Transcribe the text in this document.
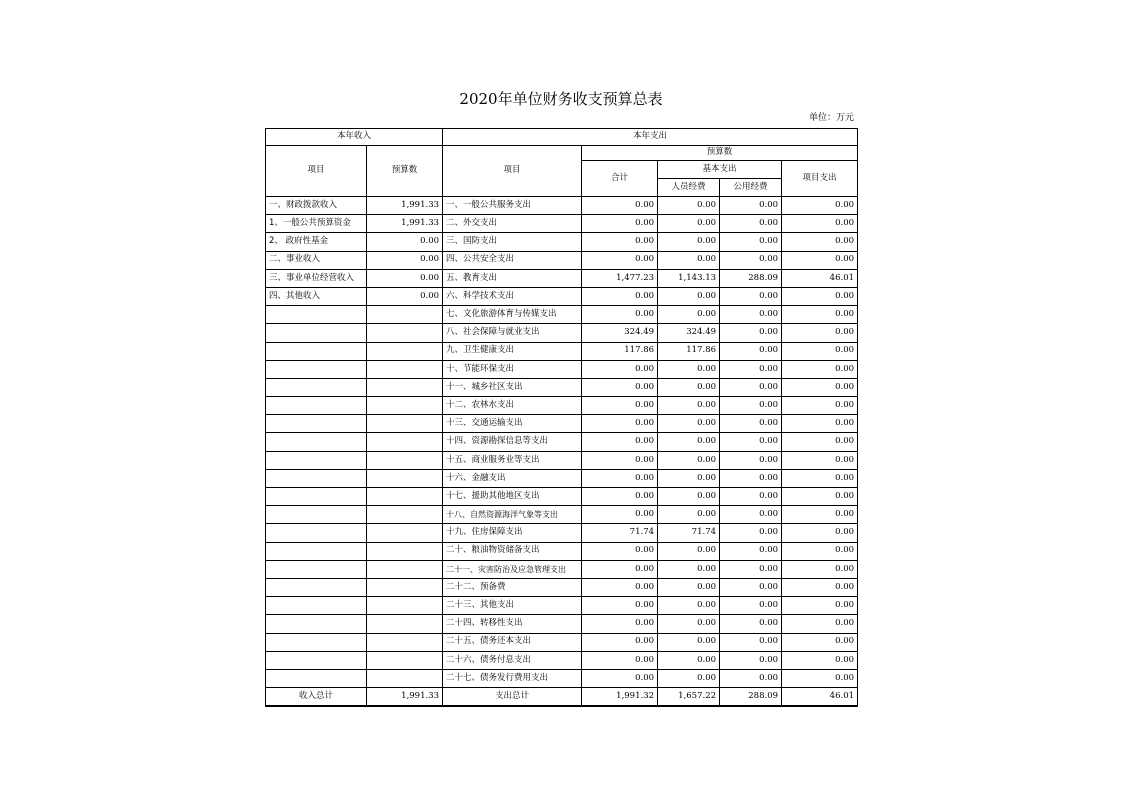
2020年单位财务收支预算总表
单位：万元
本年收入		本年支出				
项目	预算数	项目	预算数			
			合计	基本支出		项目支出
				人员经费	公用经费	
一、财政拨款收入	1,991.33	一、一般公共服务支出	0.00	0.00	0.00	0.00
1、一般公共预算资金	1,991.33	二、外交支出	0.00	0.00	0.00	0.00
2、 政府性基金	0.00	三、国防支出	0.00	0.00	0.00	0.00
二、事业收入	0.00	四、公共安全支出	0.00	0.00	0.00	0.00
三、事业单位经营收入	0.00	五、教育支出	1,477.23	1,143.13	288.09	46.01
四、其他收入	0.00	六、科学技术支出	0.00	0.00	0.00	0.00
		七、文化旅游体育与传媒支出	0.00	0.00	0.00	0.00
		八、社会保障与就业支出	324.49	324.49	0.00	0.00
		九、卫生健康支出	117.86	117.86	0.00	0.00
		十、节能环保支出	0.00	0.00	0.00	0.00
		十一、城乡社区支出	0.00	0.00	0.00	0.00
		十二、农林水支出	0.00	0.00	0.00	0.00
		十三、交通运输支出	0.00	0.00	0.00	0.00
		十四、资源勘探信息等支出	0.00	0.00	0.00	0.00
		十五、商业服务业等支出	0.00	0.00	0.00	0.00
		十六、金融支出	0.00	0.00	0.00	0.00
		十七、援助其他地区支出	0.00	0.00	0.00	0.00
		十八、自然资源海洋气象等支出	0.00	0.00	0.00	0.00
		十九、住房保障支出	71.74	71.74	0.00	0.00
		二十、粮油物资储备支出	0.00	0.00	0.00	0.00
		二十一、灾害防治及应急管理支出	0.00	0.00	0.00	0.00
		二十二、预备费	0.00	0.00	0.00	0.00
		二十三、其他支出	0.00	0.00	0.00	0.00
		二十四、转移性支出	0.00	0.00	0.00	0.00
		二十五、债务还本支出	0.00	0.00	0.00	0.00
		二十六、债务付息支出	0.00	0.00	0.00	0.00
		二十七、债务发行费用支出	0.00	0.00	0.00	0.00
收入总计	1,991.33	支出总计	1,991.32	1,657.22	288.09	46.01
